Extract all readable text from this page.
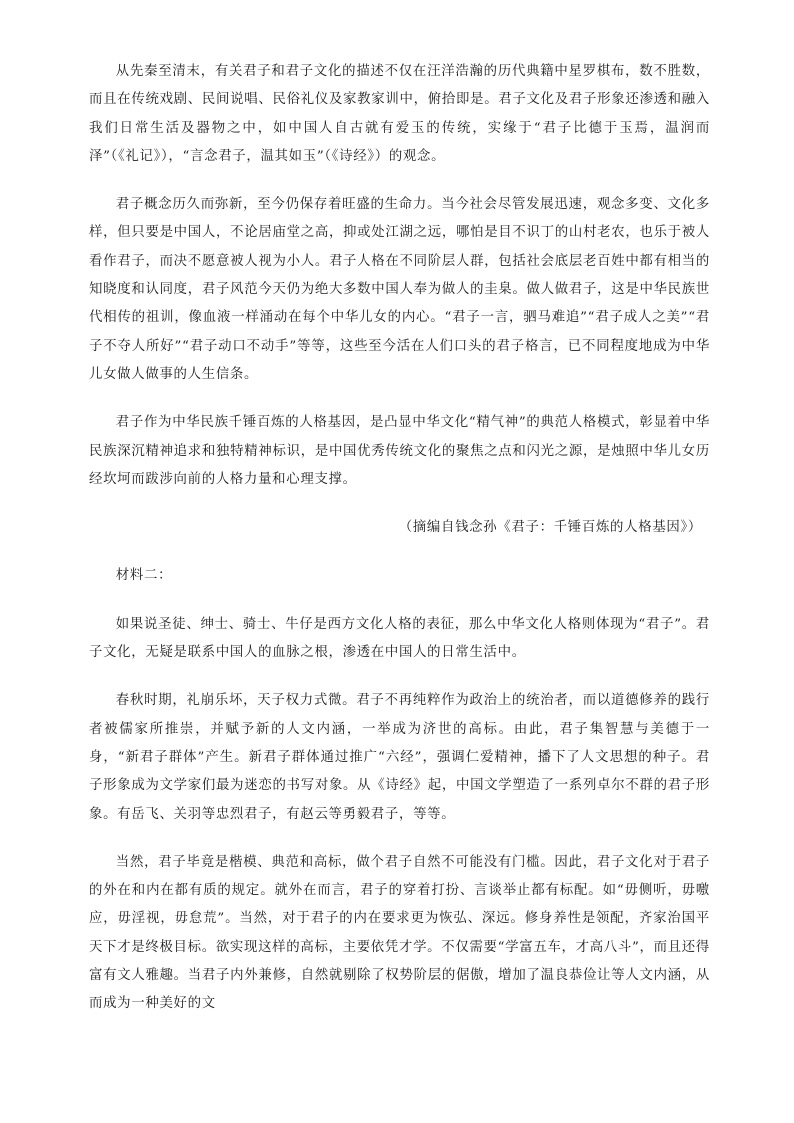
从先秦至清末，有关君子和君子文化的描述不仅在汪洋浩瀚的历代典籍中星罗棋布，数不胜数，而且在传统戏剧、民间说唱、民俗礼仪及家教家训中，俯拾即是。君子文化及君子形象还渗透和融入我们日常生活及器物之中，如中国人自古就有爱玉的传统，实缘于“君子比德于玉焉，温润而泽”（《礼记》），“言念君子，温其如玉”（《诗经》）的观念。

君子概念历久而弥新，至今仍保存着旺盛的生命力。当今社会尽管发展迅速，观念多变、文化多样，但只要是中国人，不论居庙堂之高，抑或处江湖之远，哪怕是目不识丁的山村老农，也乐于被人看作君子，而决不愿意被人视为小人。君子人格在不同阶层人群，包括社会底层老百姓中都有相当的知晓度和认同度，君子风范今天仍为绝大多数中国人奉为做人的圭臬。做人做君子，这是中华民族世代相传的祖训，像血液一样涌动在每个中华儿女的内心。“君子一言，驷马难追”“君子成人之美”“君子不夺人所好”“君子动口不动手”等等，这些至今活在人们口头的君子格言，已不同程度地成为中华儿女做人做事的人生信条。

君子作为中华民族千锤百炼的人格基因，是凸显中华文化“精气神”的典范人格模式，彰显着中华民族深沉精神追求和独特精神标识，是中国优秀传统文化的聚焦之点和闪光之源，是烛照中华儿女历经坎坷而跋涉向前的人格力量和心理支撑。

（摘编自钱念孙《君子：千锤百炼的人格基因》）

材料二：

如果说圣徒、绅士、骑士、牛仔是西方文化人格的表征，那么中华文化人格则体现为“君子”。君子文化，无疑是联系中国人的血脉之根，渗透在中国人的日常生活中。

春秋时期，礼崩乐坏，天子权力式微。君子不再纯粹作为政治上的统治者，而以道德修养的践行者被儒家所推崇，并赋予新的人文内涵，一举成为济世的高标。由此，君子集智慧与美德于一身，“新君子群体”产生。新君子群体通过推广“六经”，强调仁爱精神，播下了人文思想的种子。君子形象成为文学家们最为迷恋的书写对象。从《诗经》起，中国文学塑造了一系列卓尔不群的君子形象。有岳飞、关羽等忠烈君子，有赵云等勇毅君子，等等。

当然，君子毕竟是楷模、典范和高标，做个君子自然不可能没有门槛。因此，君子文化对于君子的外在和内在都有质的规定。就外在而言，君子的穿着打扮、言谈举止都有标配。如“毋侧听，毋噭应，毋淫视，毋怠荒”。当然，对于君子的内在要求更为恢弘、深远。修身养性是领配，齐家治国平天下才是终极目标。欲实现这样的高标，主要依凭才学。不仅需要“学富五车，才高八斗”，而且还得富有文人雅趣。当君子内外兼修，自然就剔除了权势阶层的倨傲，增加了温良恭俭让等人文内涵，从而成为一种美好的文
